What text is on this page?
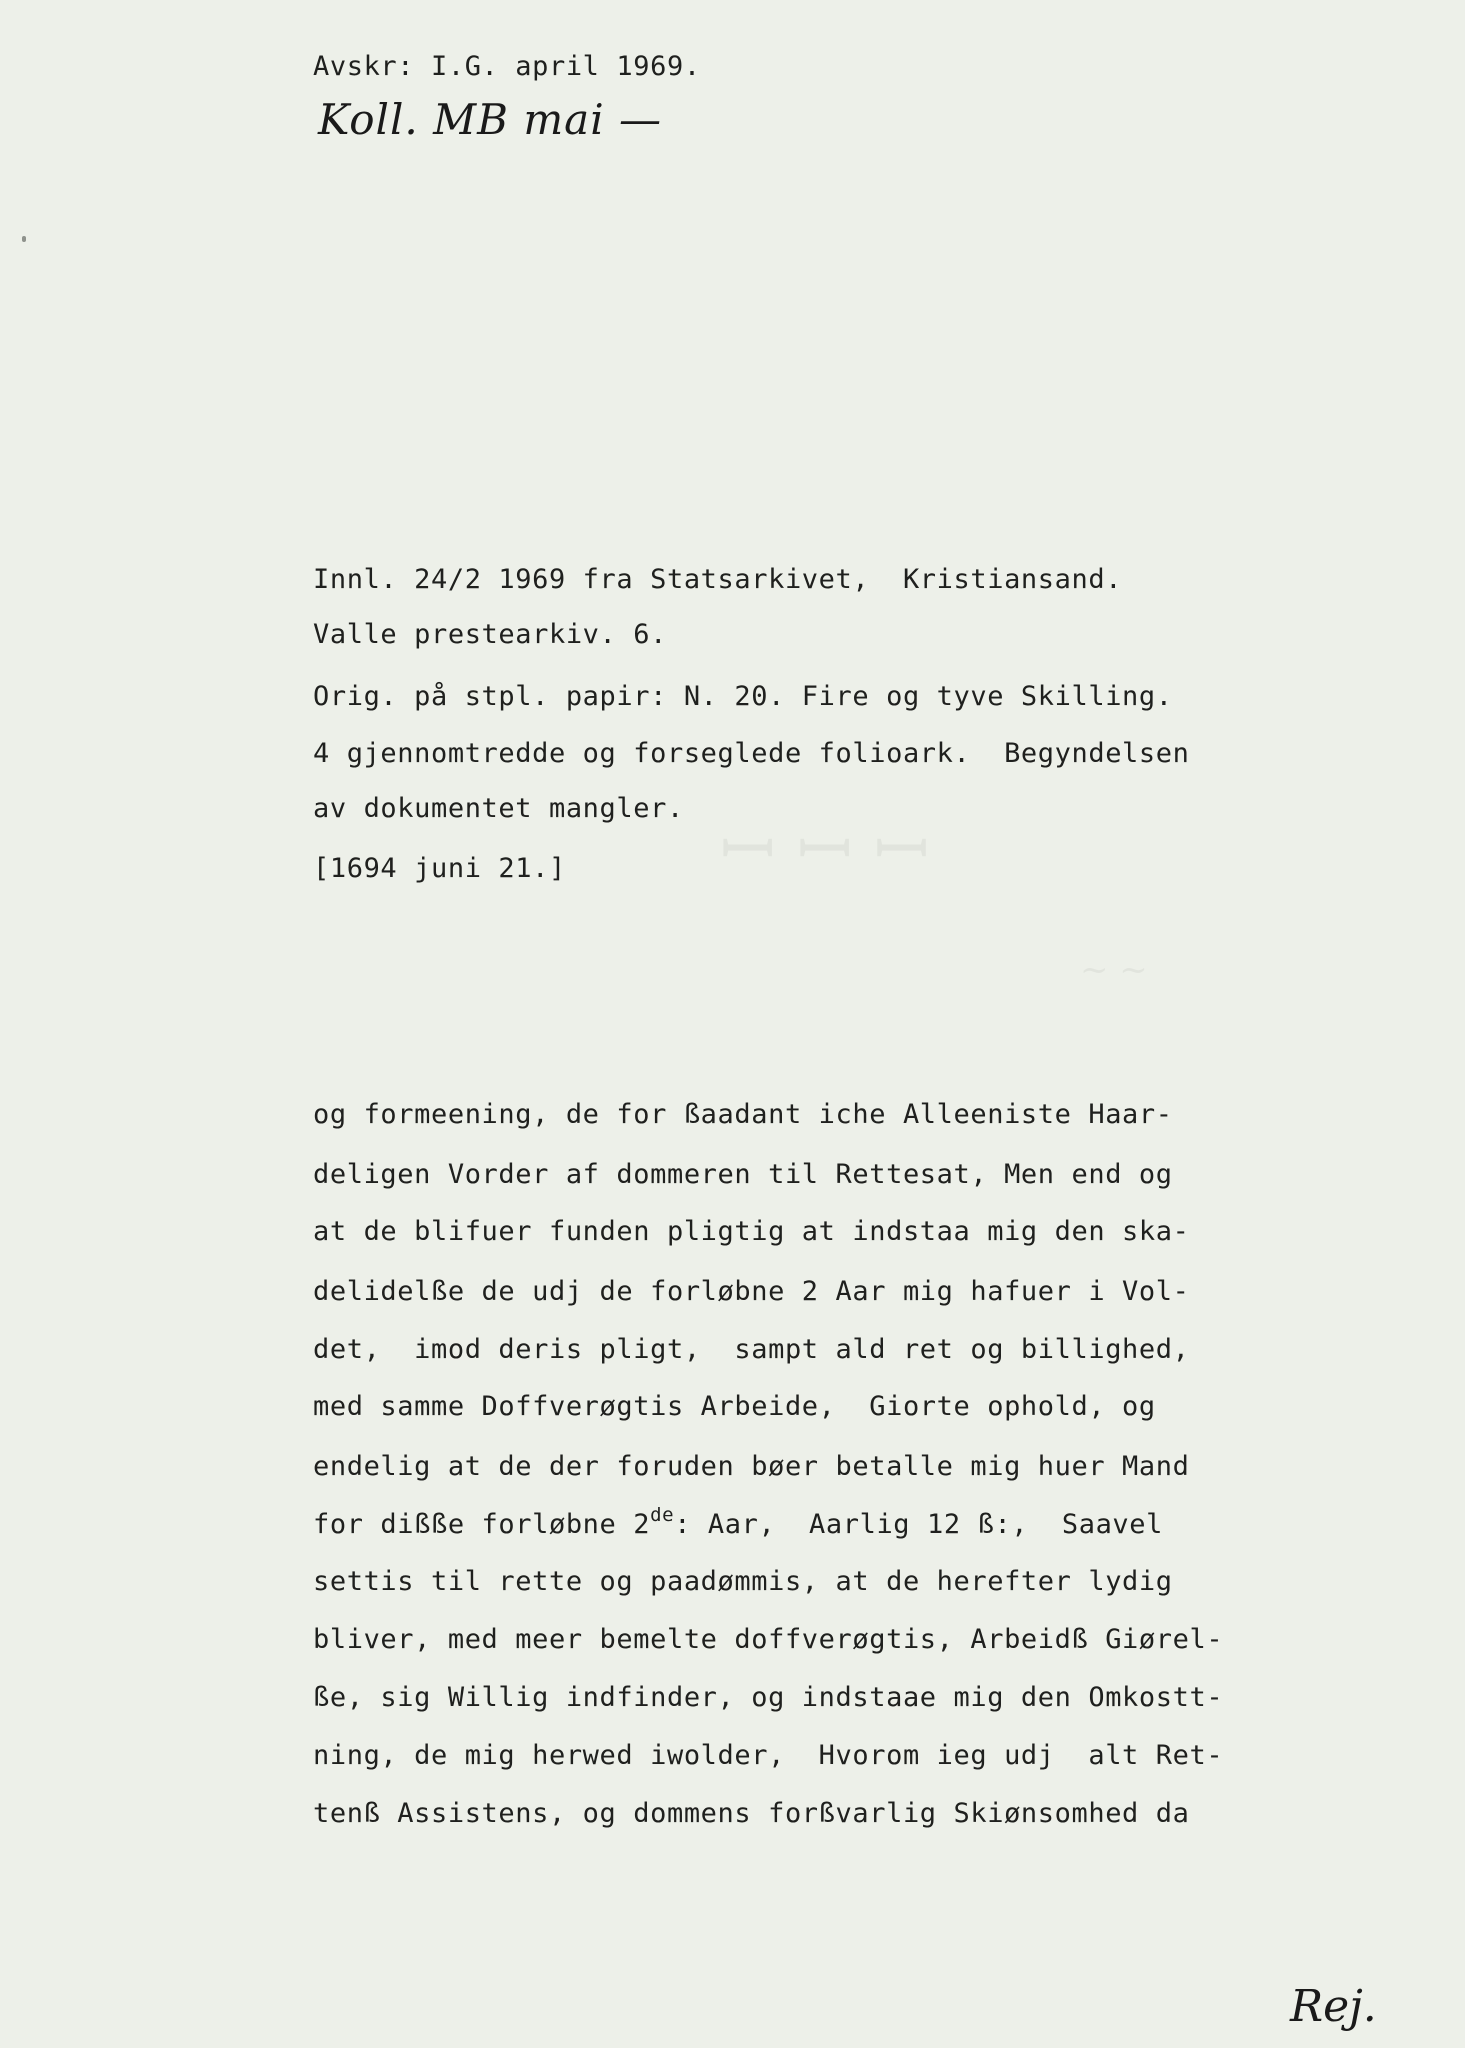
ꟷ ꟷ ꟷ
~ ~
Avskr: I.G. april 1969.
Koll. MB mai —
Innl. 24/2 1969 fra Statsarkivet,  Kristiansand.
Valle prestearkiv. 6.
Orig. på stpl. papir: N. 20. Fire og tyve Skilling.
4 gjennomtredde og forseglede folioark.  Begyndelsen
av dokumentet mangler.
[1694 juni 21.]
og formeening, de for ßaadant iche Alleeniste Haar-
deligen Vorder af dommeren til Rettesat, Men end og
at de blifuer funden pligtig at indstaa mig den ska-
delidelße de udj de forløbne 2 Aar mig hafuer i Vol-
det,  imod deris pligt,  sampt ald ret og billighed,
med samme Doffverøgtis Arbeide,  Giorte ophold, og
endelig at de der foruden bøer betalle mig huer Mand
for dißße forløbne 2de: Aar,  Aarlig 12 ß:,  Saavel
settis til rette og paadømmis, at de herefter lydig
bliver, med meer bemelte doffverøgtis, Arbeidß Giørel-
ße, sig Willig indfinder, og indstaae mig den Omkostt-
ning, de mig herwed iwolder,  Hvorom ieg udj  alt Ret-
tenß Assistens, og dommens forßvarlig Skiønsomhed da
Rej.
